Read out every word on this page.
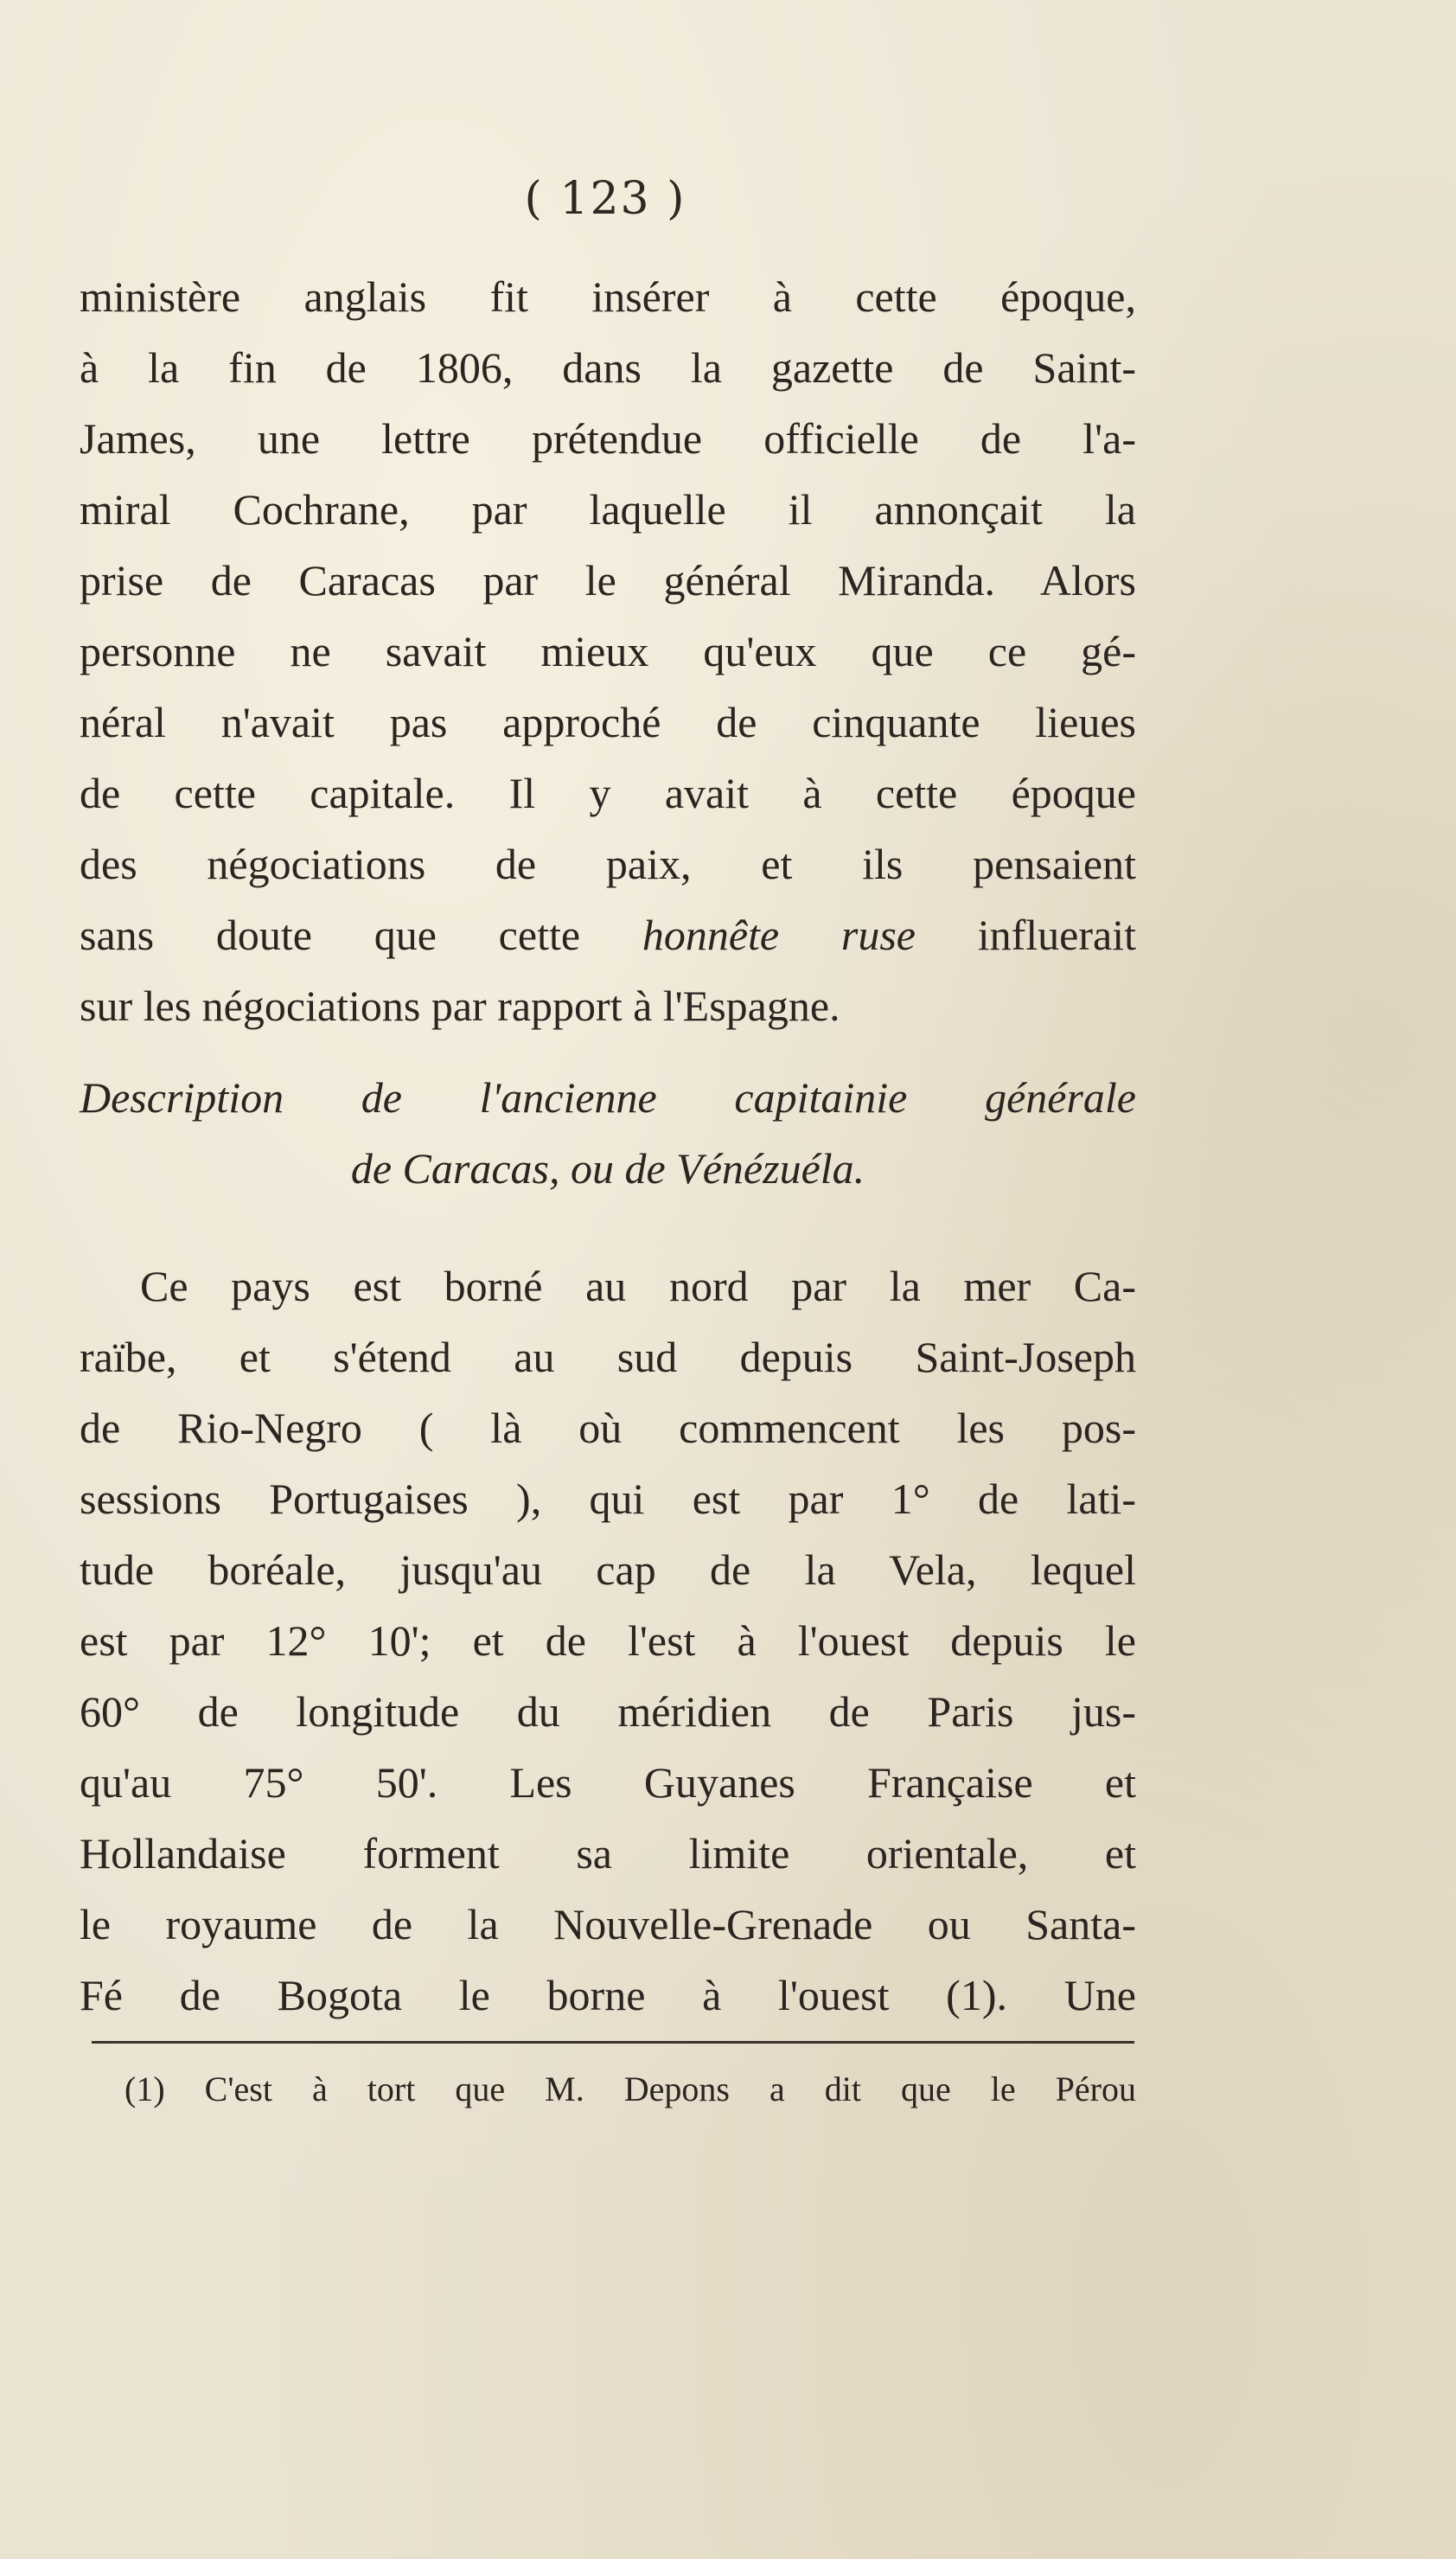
( 123 )
ministère anglais fit insérer à cette époque,
à la fin de 1806, dans la gazette de Saint-
James, une lettre prétendue officielle de l'a-
miral Cochrane, par laquelle il annonçait la
prise de Caracas par le général Miranda. Alors
personne ne savait mieux qu'eux que ce gé-
néral n'avait pas approché de cinquante lieues
de cette capitale. Il y avait à cette époque
des négociations de paix, et ils pensaient
sans doute que cette honnête ruse influerait
sur les négociations par rapport à l'Espagne.
Description de l'ancienne capitainie générale
de Caracas, ou de Vénézuéla.
Ce pays est borné au nord par la mer Ca-
raïbe, et s'étend au sud depuis Saint-Joseph
de Rio-Negro ( là où commencent les pos-
sessions Portugaises ), qui est par 1° de lati-
tude boréale, jusqu'au cap de la Vela, lequel
est par 12° 10'; et de l'est à l'ouest depuis le
60° de longitude du méridien de Paris jus-
qu'au 75° 50'. Les Guyanes Française et
Hollandaise forment sa limite orientale, et
le royaume de la Nouvelle-Grenade ou Santa-
Fé de Bogota le borne à l'ouest (1). Une
(1) C'est à tort que M. Depons a dit que le Pérou
